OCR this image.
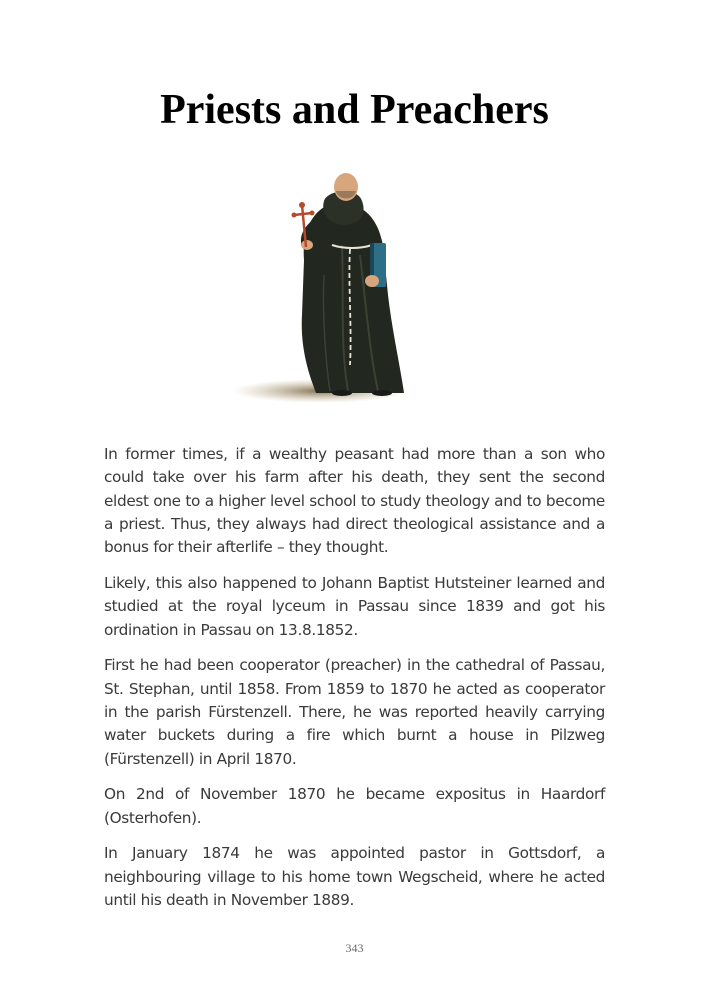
Priests and Preachers

In former times, if a wealthy peasant had more than a son who could take over his farm after his death, they sent the second eldest one to a higher level school to study theology and to become a priest. Thus, they always had direct theological assistance and a bonus for their afterlife – they thought.

Likely, this also happened to Johann Baptist Hutsteiner learned and studied at the royal lyceum in Passau since 1839 and got his ordination in Passau on 13.8.1852.

First he had been cooperator (preacher) in the cathedral of Passau, St. Stephan, until 1858. From 1859 to 1870 he acted as cooperator in the parish Fürstenzell. There, he was reported heavily carrying water buckets during a fire which burnt a house in Pilzweg (Fürstenzell) in April 1870.

On 2nd of November 1870 he became expositus in Haardorf (Osterhofen).

In January 1874 he was appointed pastor in Gottsdorf, a neighbouring village to his home town Wegscheid, where he acted until his death in November 1889.

343
